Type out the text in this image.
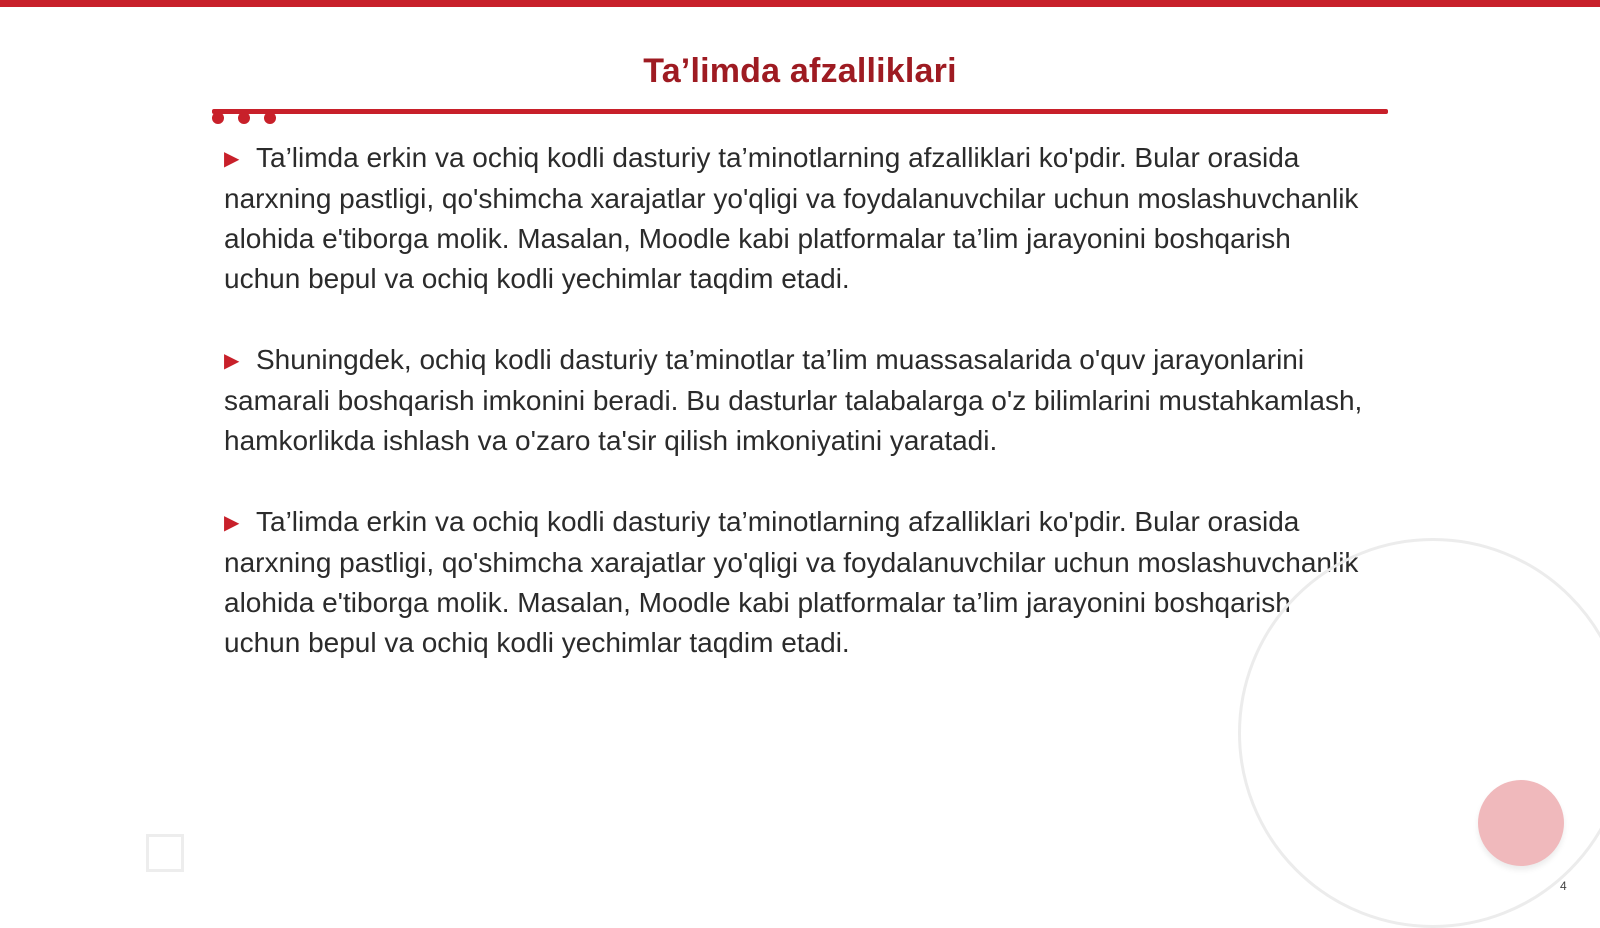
Ta’limda afzalliklari

▶ Ta’limda erkin va ochiq kodli dasturiy ta’minotlarning afzalliklari ko'pdir. Bular orasida narxning pastligi, qo'shimcha xarajatlar yo'qligi va foydalanuvchilar uchun moslashuvchanlik alohida e'tiborga molik. Masalan, Moodle kabi platformalar ta’lim jarayonini boshqarish uchun bepul va ochiq kodli yechimlar taqdim etadi.

▶ Shuningdek, ochiq kodli dasturiy ta’minotlar ta’lim muassasalarida o'quv jarayonlarini samarali boshqarish imkonini beradi. Bu dasturlar talabalarga o'z bilimlarini mustahkamlash, hamkorlikda ishlash va o'zaro ta'sir qilish imkoniyatini yaratadi.

▶ Ta’limda erkin va ochiq kodli dasturiy ta’minotlarning afzalliklari ko'pdir. Bular orasida narxning pastligi, qo'shimcha xarajatlar yo'qligi va foydalanuvchilar uchun moslashuvchanlik alohida e'tiborga molik. Masalan, Moodle kabi platformalar ta’lim jarayonini boshqarish uchun bepul va ochiq kodli yechimlar taqdim etadi.

4
